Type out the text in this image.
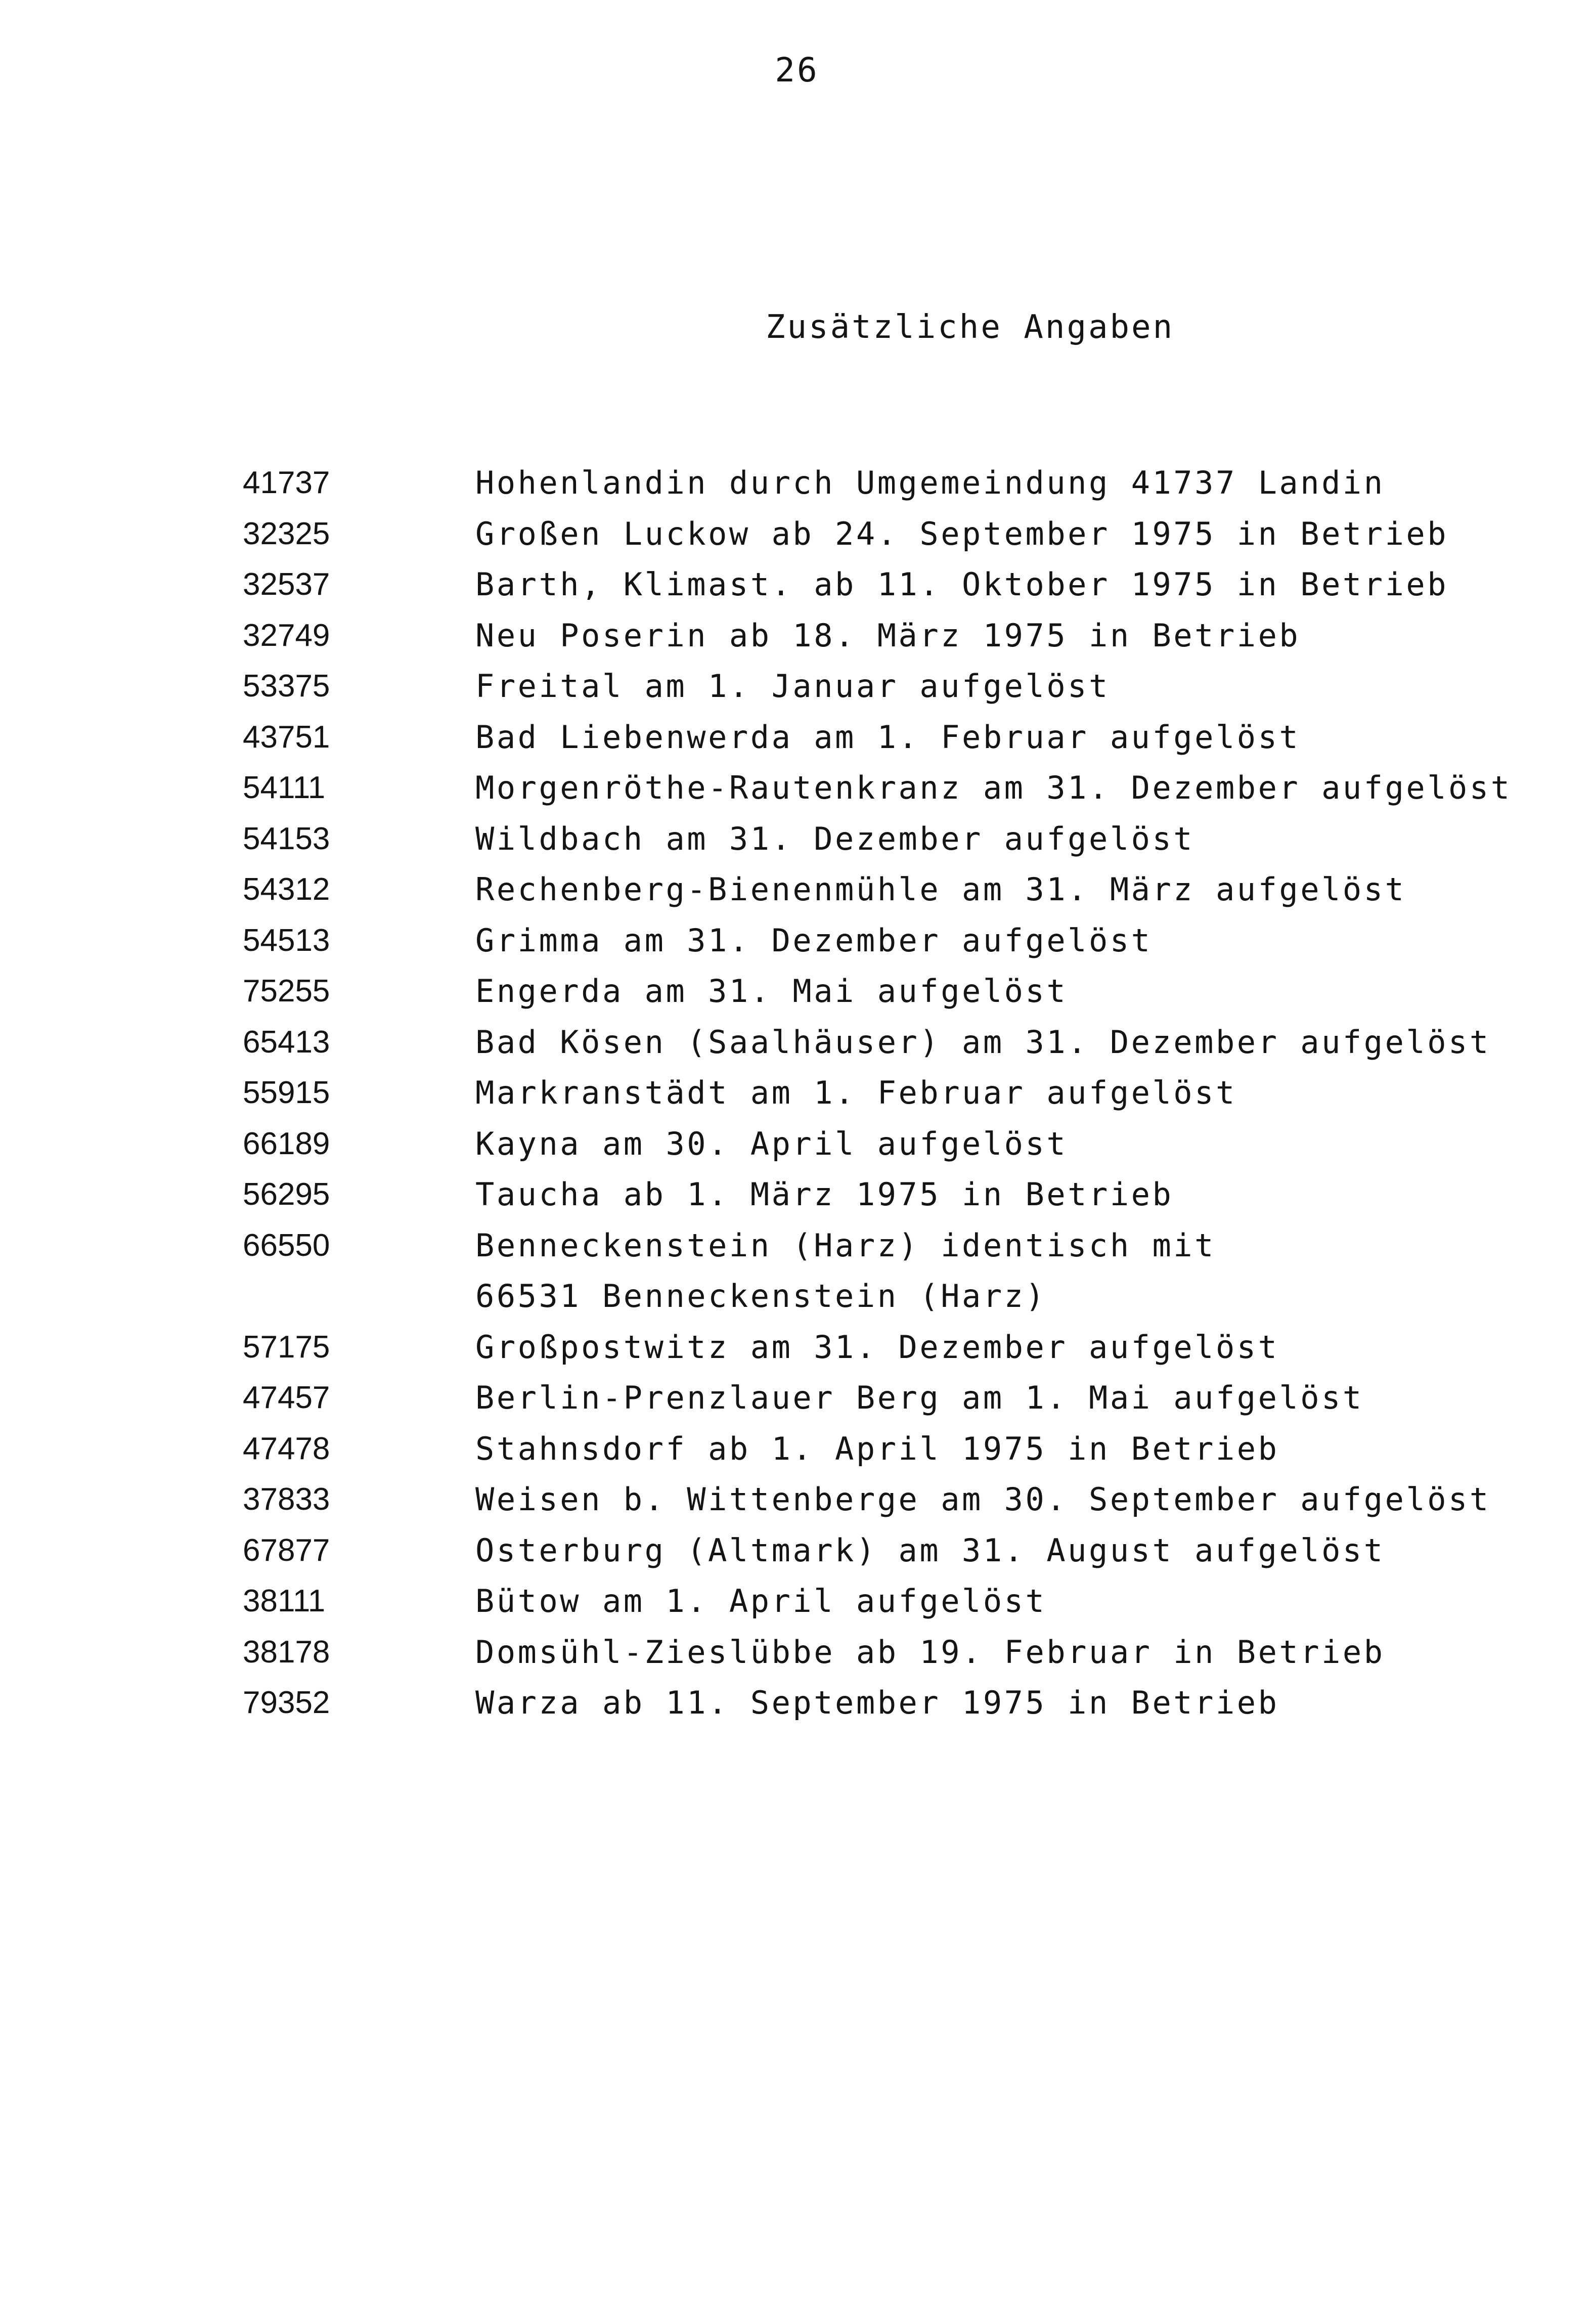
26
Zusätzliche Angaben
41737	Hohenlandin durch Umgemeindung 41737 Landin
32325	Großen Luckow ab 24. September 1975 in Betrieb
32537	Barth, Klimast. ab 11. Oktober 1975 in Betrieb
32749	Neu Poserin ab 18. März 1975 in Betrieb
53375	Freital am 1. Januar aufgelöst
43751	Bad Liebenwerda am 1. Februar aufgelöst
54111	Morgenröthe-Rautenkranz am 31. Dezember aufgelöst
54153	Wildbach am 31. Dezember aufgelöst
54312	Rechenberg-Bienenmühle am 31. März aufgelöst
54513	Grimma am 31. Dezember aufgelöst
75255	Engerda am 31. Mai aufgelöst
65413	Bad Kösen (Saalhäuser) am 31. Dezember aufgelöst
55915	Markranstädt am 1. Februar aufgelöst
66189	Kayna am 30. April aufgelöst
56295	Taucha ab 1. März 1975 in Betrieb
66550	Benneckenstein (Harz) identisch mit
66531 Benneckenstein (Harz)
57175	Großpostwitz am 31. Dezember aufgelöst
47457	Berlin-Prenzlauer Berg am 1. Mai aufgelöst
47478	Stahnsdorf ab 1. April 1975 in Betrieb
37833	Weisen b. Wittenberge am 30. September aufgelöst
67877	Osterburg (Altmark) am 31. August aufgelöst
38111	Bütow am 1. April aufgelöst
38178	Domsühl-Zieslübbe ab 19. Februar in Betrieb
79352	Warza ab 11. September 1975 in Betrieb
